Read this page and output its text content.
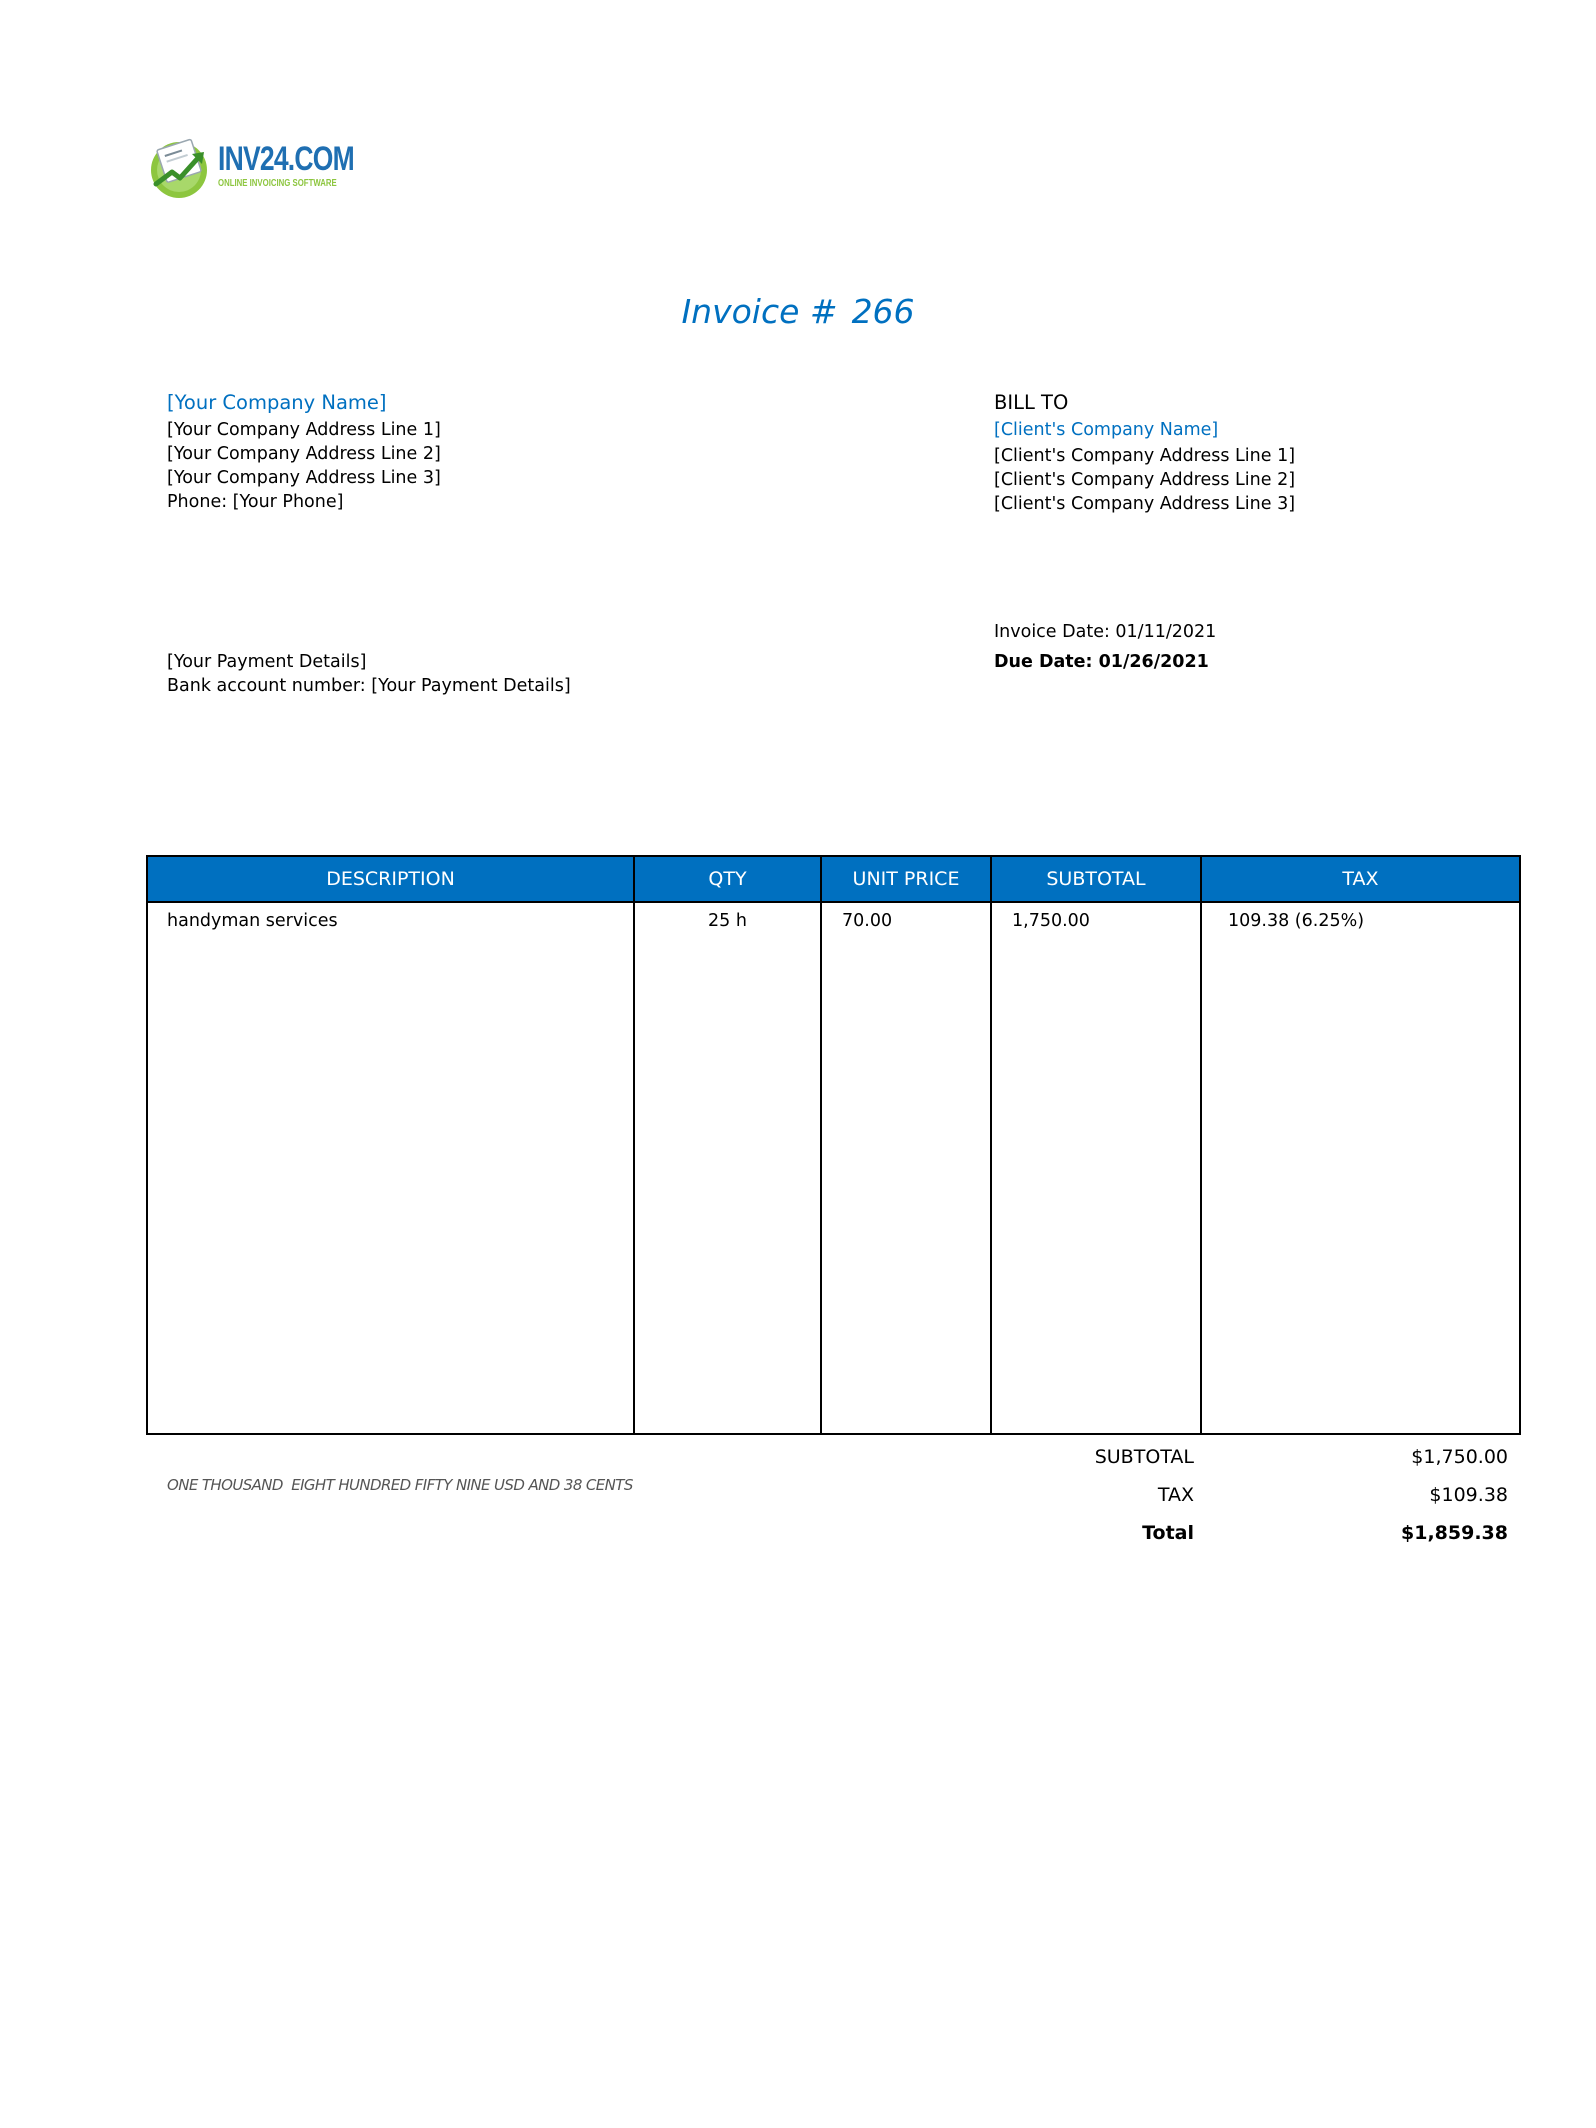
INV24.COM
ONLINE INVOICING SOFTWARE
Invoice # 266
[Your Company Name]
[Your Company Address Line 1]
[Your Company Address Line 2]
[Your Company Address Line 3]
Phone: [Your Phone]
BILL TO
[Client's Company Name]
[Client's Company Address Line 1]
[Client's Company Address Line 2]
[Client's Company Address Line 3]
Invoice Date: 01/11/2021
Due Date: 01/26/2021
[Your Payment Details]
Bank account number: [Your Payment Details]
DESCRIPTION	QTY	UNIT PRICE	SUBTOTAL	TAX
handyman services	25 h	70.00	1,750.00	109.38 (6.25%)
ONE THOUSAND  EIGHT HUNDRED FIFTY NINE USD AND 38 CENTS
SUBTOTAL	$1,750.00
TAX	$109.38
Total	$1,859.38
